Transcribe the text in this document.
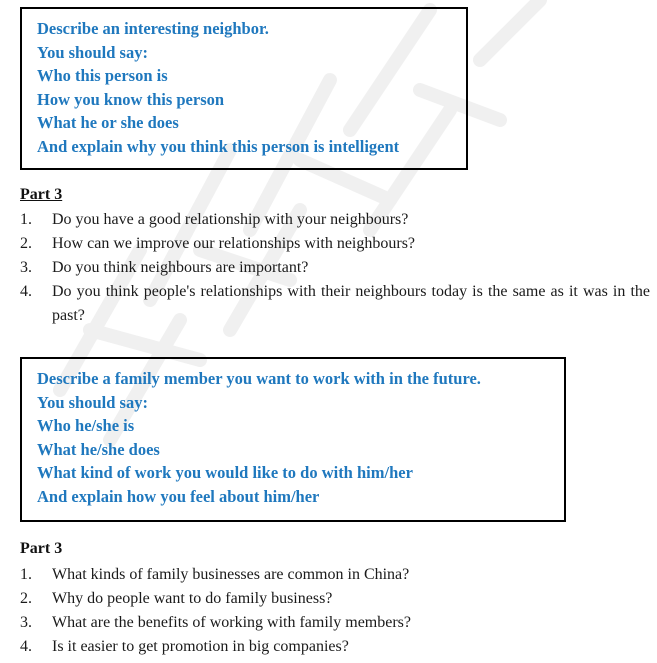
Describe an interesting neighbor.
You should say:
Who this person is
How you know this person
What he or she does
And explain why you think this person is intelligent
Part 3
1. Do you have a good relationship with your neighbours?
2. How can we improve our relationships with neighbours?
3. Do you think neighbours are important?
4. Do you think people's relationships with their neighbours today is the same as it was in the past?
Describe a family member you want to work with in the future.
You should say:
Who he/she is
What he/she does
What kind of work you would like to do with him/her
And explain how you feel about him/her
Part 3
1. What kinds of family businesses are common in China?
2. Why do people want to do family business?
3. What are the benefits of working with family members?
4. Is it easier to get promotion in big companies?
